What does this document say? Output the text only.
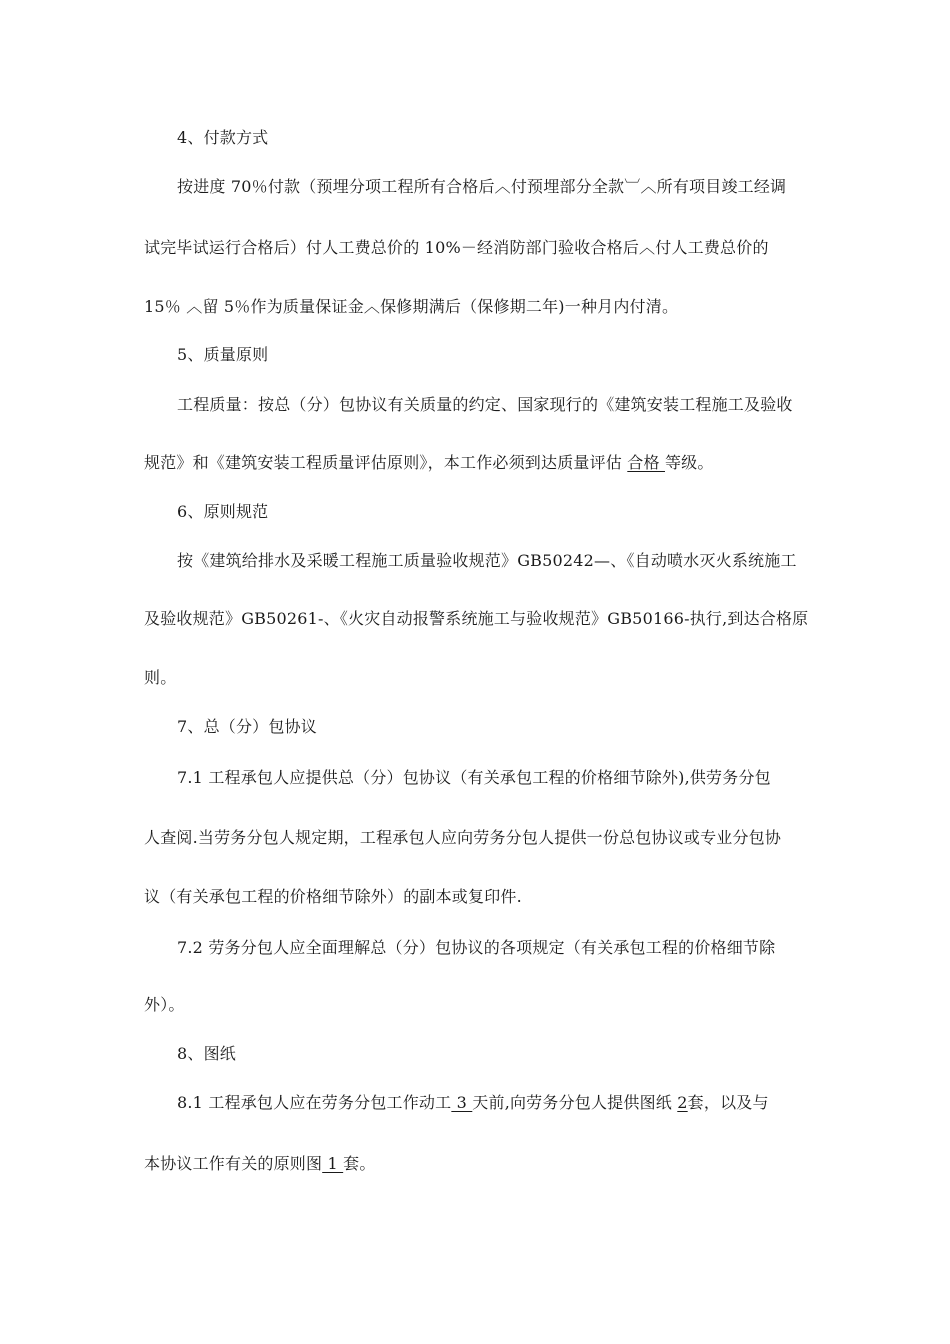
4、付款方式
按进度 70％付款（预埋分项工程所有合格后︿付预埋部分全款︺︿所有项目竣工经调
试完毕试运行合格后）付人工费总价的 10%－经消防部门验收合格后︿付人工费总价的
15％ ︿留 5％作为质量保证金︿保修期满后（保修期二年)一种月内付清。
5、质量原则
工程质量：按总（分）包协议有关质量的约定、国家现行的《建筑安装工程施工及验收
规范》和《建筑安装工程质量评估原则》，本工作必须到达质量评估 合格 等级。
6、原则规范
按《建筑给排水及采暖工程施工质量验收规范》GB50242—、《自动喷水灭火系统施工
及验收规范》GB50261-、《火灾自动报警系统施工与验收规范》GB50166-执行,到达合格原
则。
7、总（分）包协议
7.1 工程承包人应提供总（分）包协议（有关承包工程的价格细节除外),供劳务分包
人查阅.当劳务分包人规定期，工程承包人应向劳务分包人提供一份总包协议或专业分包协
议（有关承包工程的价格细节除外）的副本或复印件.
7.2 劳务分包人应全面理解总（分）包协议的各项规定（有关承包工程的价格细节除
外）。
8、图纸
8.1 工程承包人应在劳务分包工作动工 3 天前,向劳务分包人提供图纸 2套，以及与
本协议工作有关的原则图 1 套。
